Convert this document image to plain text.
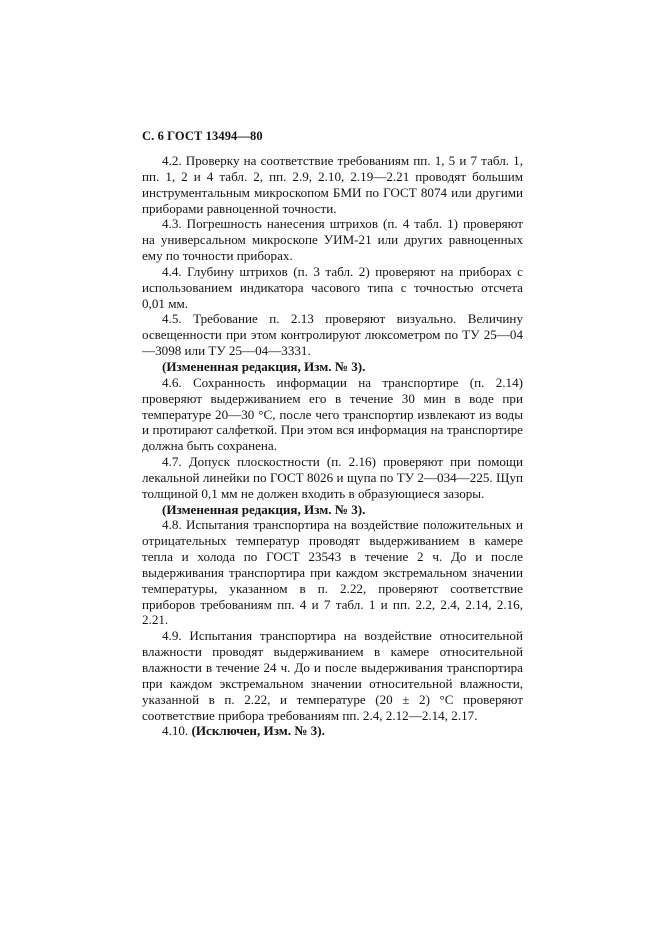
С. 6 ГОСТ 13494—80

4.2. Проверку на соответствие требованиям пп. 1, 5 и 7 табл. 1, пп. 1, 2 и 4 табл. 2, пп. 2.9, 2.10, 2.19—2.21 проводят большим инструментальным микроскопом БМИ по ГОСТ 8074 или другими приборами равноценной точности.

4.3. Погрешность нанесения штрихов (п. 4 табл. 1) проверяют на универсальном микроскопе УИМ-21 или других равноценных ему по точности приборах.

4.4. Глубину штрихов (п. 3 табл. 2) проверяют на приборах с использованием индикатора часового типа с точностью отсчета 0,01 мм.

4.5. Требование п. 2.13 проверяют визуально. Величину освещенности при этом контролируют люксометром по ТУ 25—04—3098 или ТУ 25—04—3331.

(Измененная редакция, Изм. № 3).

4.6. Сохранность информации на транспортире (п. 2.14) проверяют выдерживанием его в течение 30 мин в воде при температуре 20—30 °С, после чего транспортир извлекают из воды и протирают салфеткой. При этом вся информация на транспортире должна быть сохранена.

4.7. Допуск плоскостности (п. 2.16) проверяют при помощи лекальной линейки по ГОСТ 8026 и щупа по ТУ 2—034—225. Щуп толщиной 0,1 мм не должен входить в образующиеся зазоры.

(Измененная редакция, Изм. № 3).

4.8. Испытания транспортира на воздействие положительных и отрицательных температур проводят выдерживанием в камере тепла и холода по ГОСТ 23543 в течение 2 ч. До и после выдерживания транспортира при каждом экстремальном значении температуры, указанном в п. 2.22, проверяют соответствие приборов требованиям пп. 4 и 7 табл. 1 и пп. 2.2, 2.4, 2.14, 2.16, 2.21.

4.9. Испытания транспортира на воздействие относительной влажности проводят выдерживанием в камере относительной влажности в течение 24 ч. До и после выдерживания транспортира при каждом экстремальном значении относительной влажности, указанной в п. 2.22, и температуре (20 ± 2) °С проверяют соответствие прибора требованиям пп. 2.4, 2.12—2.14, 2.17.

4.10. (Исключен, Изм. № 3).
